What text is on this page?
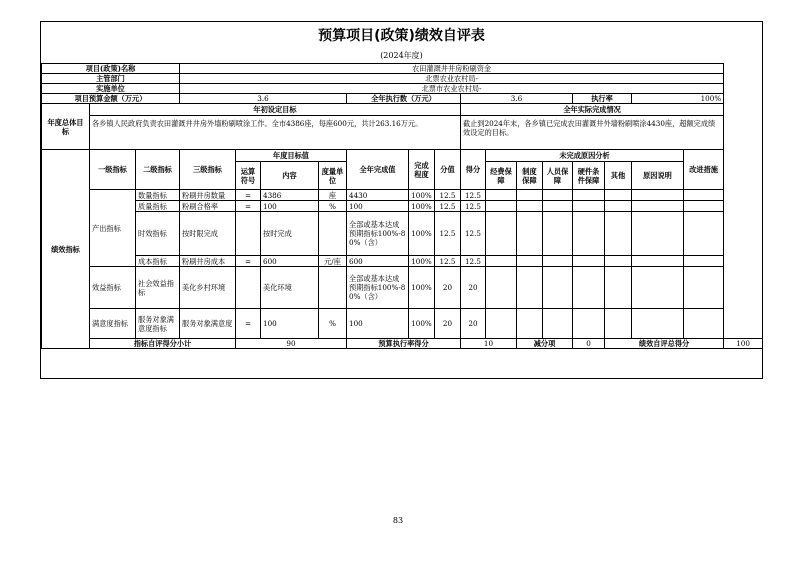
预算项目(政策)绩效自评表
(2024年度)
项目(政策)名称			农田灌溉井井房粉刷资金															
主管部门			北票农业农村局-															
实施单位			北票市农业农村局-															
项目预算金额（万元）			3.6				全年执行数（万元）			3.6				执行率		100%		
年度总体目标	年初设定目标									全年实际完成情况								
	各乡镇人民政府负责农田灌溉井井房外墙粉刷喷涂工作。全市4386座，每座600元，共计263.16万元。									截止到2024年末，各乡镇已完成农田灌溉井外墙粉刷喷涂4430座，超额完成绩效设定的目标。								
绩效指标	一级指标	二级指标	三级指标	年度目标值			全年完成值	完成程度	分值	得分	未完成原因分析						改进措施	
				运算符号	内容	度量单位					经费保障	制度保障	人员保障	硬件条件保障	其他	原因说明		
	产出指标	数量指标	粉刷井房数量	=	4386	座	4430	100%	12.5	12.5								
		质量指标	粉刷合格率	=	100	%	100	100%	12.5	12.5								
		时效指标	按时限完成		按时完成		全部或基本达成预期指标100%-80%（含）	100%	12.5	12.5								
		成本指标	粉刷井房成本	=	600	元/座	600	100%	12.5	12.5								
	效益指标	社会效益指标	美化乡村环境		美化环境		全部或基本达成预期指标100%-80%（含）	100%	20	20								
	满意度指标	服务对象满意度指标	服务对象满意度	=	100	%	100	100%	20	20								
	指标自评得分小计			90			预算执行率得分			10		减分项		0	绩效自评总得分			100
83
